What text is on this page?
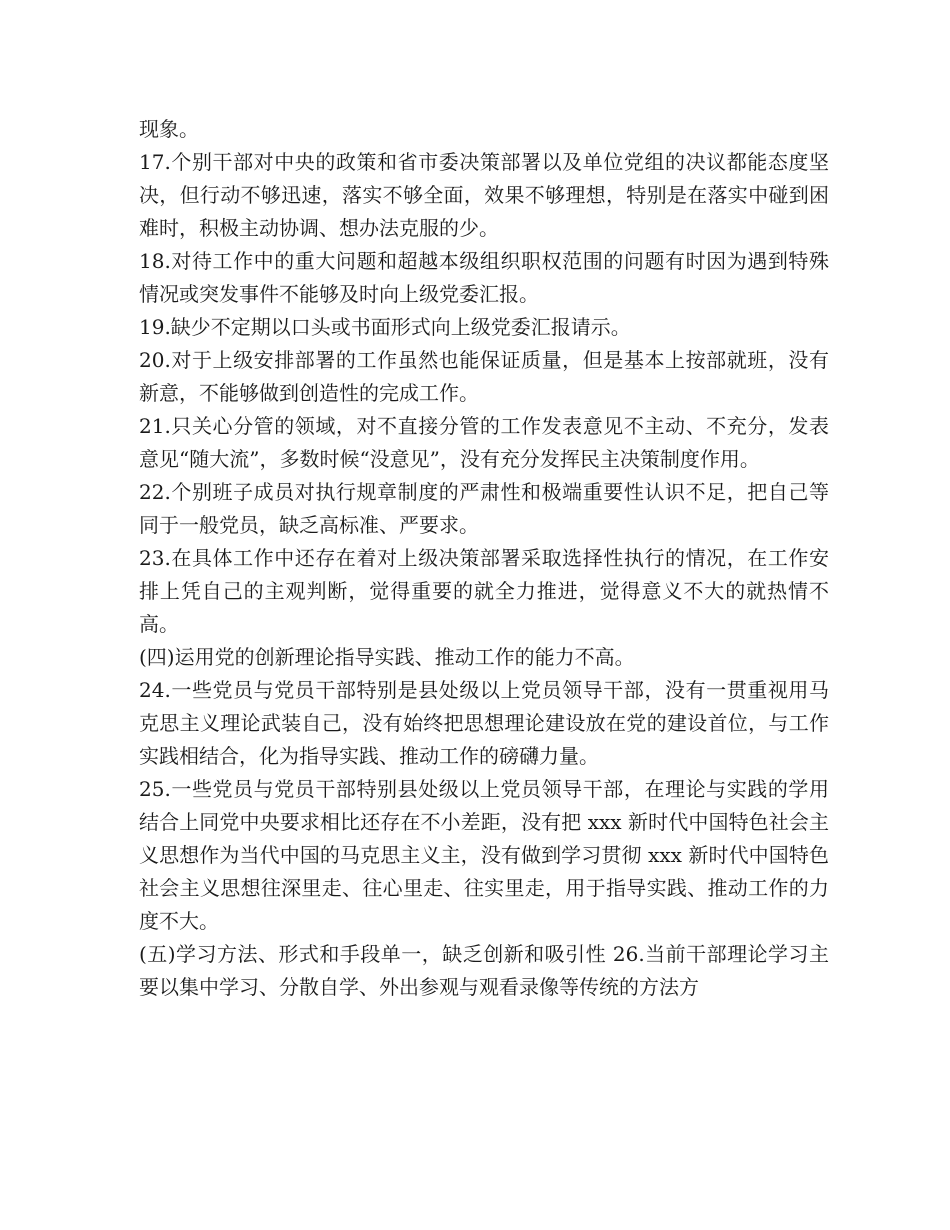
现象。

17.个别干部对中央的政策和省市委决策部署以及单位党组的决议都能态度坚决，但行动不够迅速，落实不够全面，效果不够理想，特别是在落实中碰到困难时，积极主动协调、想办法克服的少。

18.对待工作中的重大问题和超越本级组织职权范围的问题有时因为遇到特殊情况或突发事件不能够及时向上级党委汇报。

19.缺少不定期以口头或书面形式向上级党委汇报请示。

20.对于上级安排部署的工作虽然也能保证质量，但是基本上按部就班，没有新意，不能够做到创造性的完成工作。

21.只关心分管的领域，对不直接分管的工作发表意见不主动、不充分，发表意见“随大流”，多数时候“没意见”，没有充分发挥民主决策制度作用。

22.个别班子成员对执行规章制度的严肃性和极端重要性认识不足，把自己等同于一般党员，缺乏高标准、严要求。

23.在具体工作中还存在着对上级决策部署采取选择性执行的情况，在工作安排上凭自己的主观判断，觉得重要的就全力推进，觉得意义不大的就热情不高。

(四)运用党的创新理论指导实践、推动工作的能力不高。

24.一些党员与党员干部特别是县处级以上党员领导干部，没有一贯重视用马克思主义理论武装自己，没有始终把思想理论建设放在党的建设首位，与工作实践相结合，化为指导实践、推动工作的磅礴力量。

25.一些党员与党员干部特别县处级以上党员领导干部，在理论与实践的学用结合上同党中央要求相比还存在不小差距，没有把 xxx 新时代中国特色社会主义思想作为当代中国的马克思主义主，没有做到学习贯彻 xxx 新时代中国特色社会主义思想往深里走、往心里走、往实里走，用于指导实践、推动工作的力度不大。

(五)学习方法、形式和手段单一，缺乏创新和吸引性 26.当前干部理论学习主要以集中学习、分散自学、外出参观与观看录像等传统的方法方
